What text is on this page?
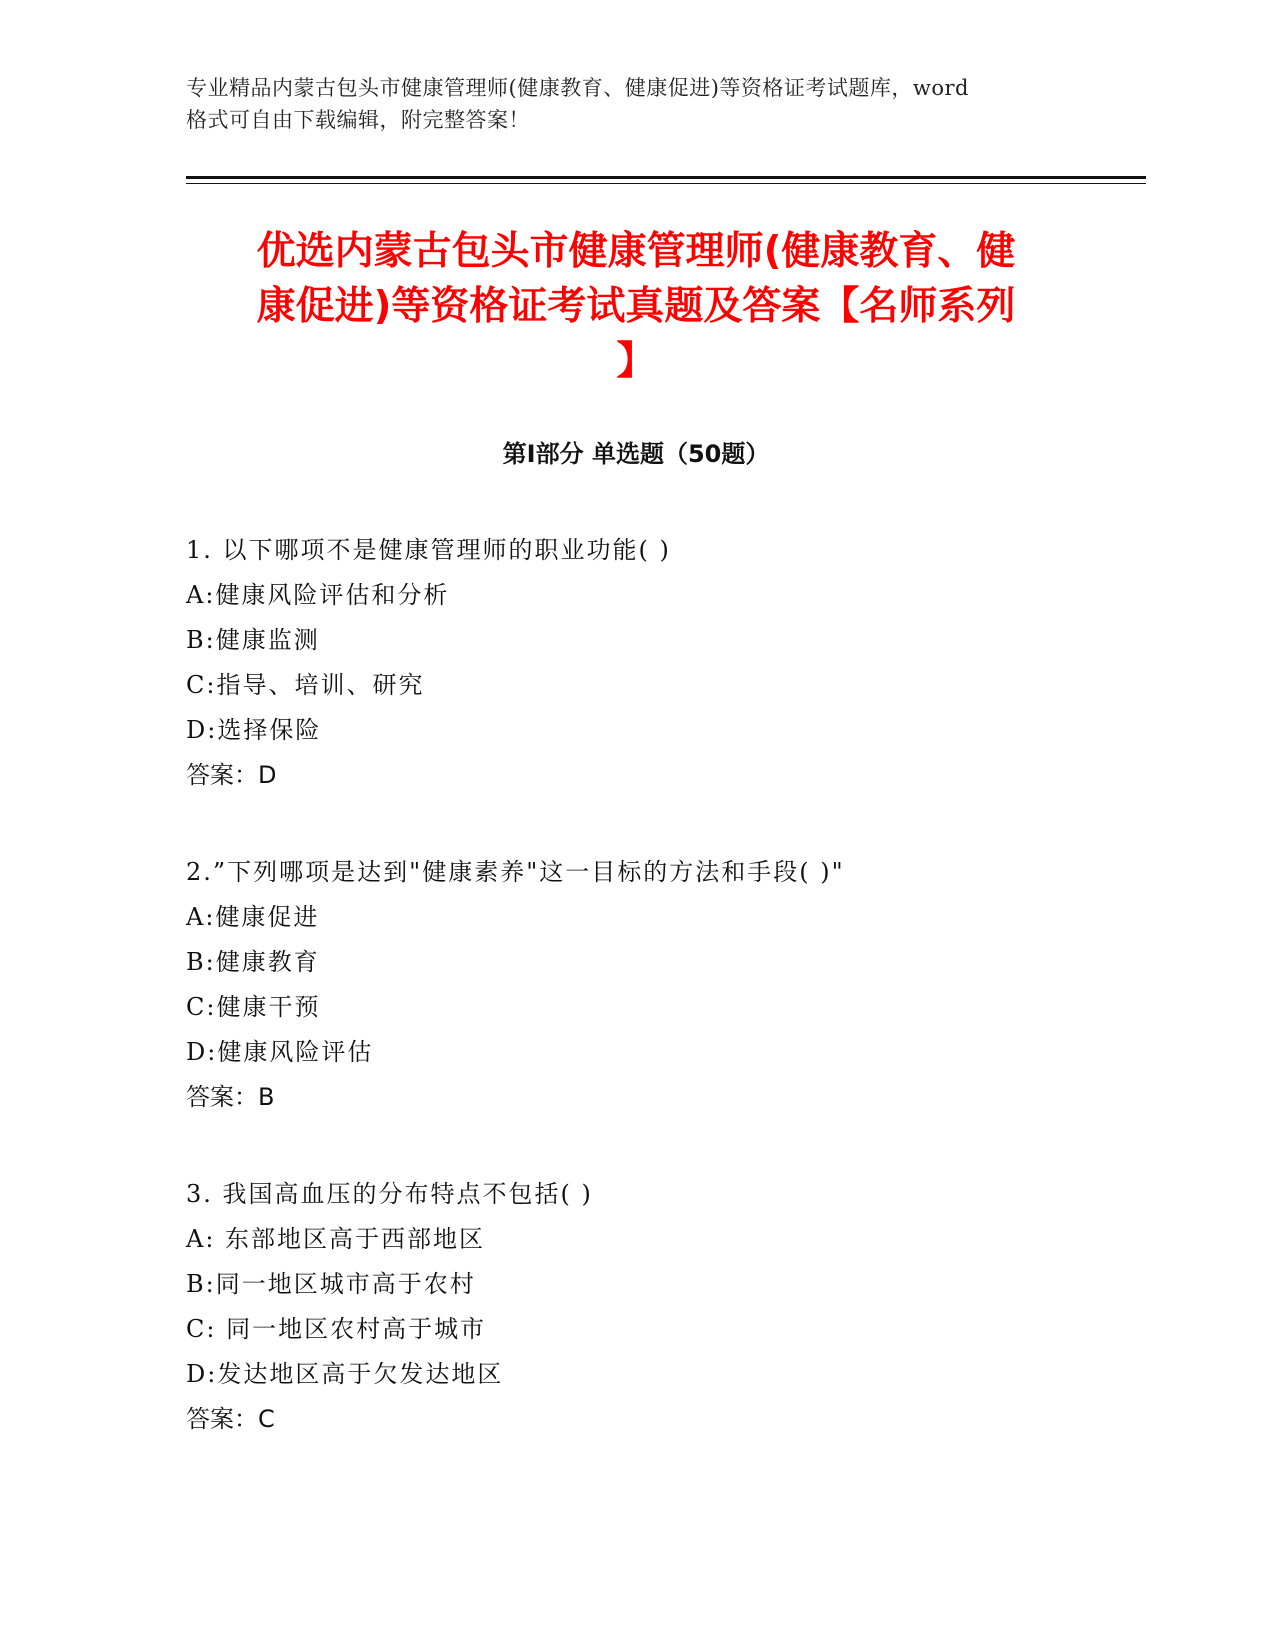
专业精品内蒙古包头市健康管理师(健康教育、健康促进)等资格证考试题库，word
格式可自由下载编辑，附完整答案！
优选内蒙古包头市健康管理师(健康教育、健
康促进)等资格证考试真题及答案【名师系列
】
第Ⅰ部分 单选题（50题）
1. 以下哪项不是健康管理师的职业功能( )
A:健康风险评估和分析
B:健康监测
C:指导、培训、研究
D:选择保险
答案：D
2.”下列哪项是达到"健康素养"这一目标的方法和手段( )"
A:健康促进
B:健康教育
C:健康干预
D:健康风险评估
答案：B
3. 我国高血压的分布特点不包括( )
A: 东部地区高于西部地区
B:同一地区城市高于农村
C: 同一地区农村高于城市
D:发达地区高于欠发达地区
答案：C
